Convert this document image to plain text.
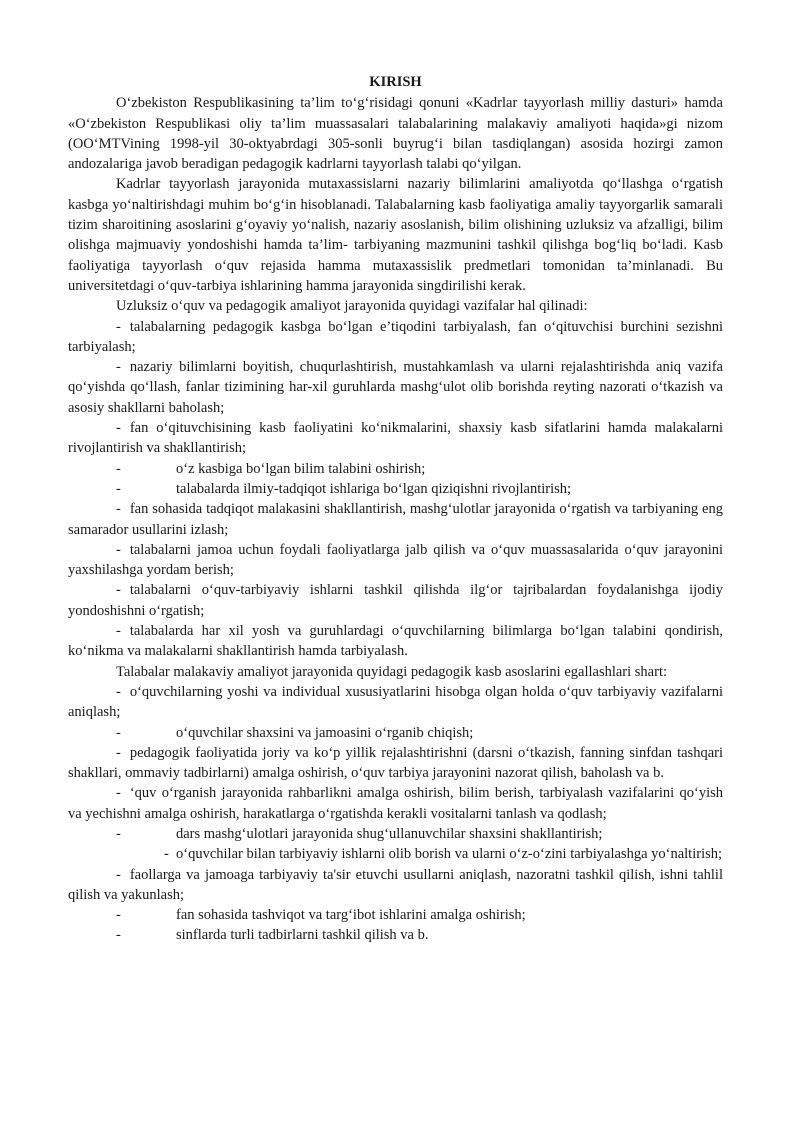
KIRISH

O‘zbekiston Respublikasining ta’lim to‘g‘risidagi qonuni «Kadrlar tayyorlash milliy dasturi» hamda «O‘zbekiston Respublikasi oliy ta’lim muassasalari talabalarining malakaviy amaliyoti haqida»gi nizom (OO‘MTVining 1998-yil 30-oktyabrdagi 305-sonli buyrug‘i bilan tasdiqlangan) asosida hozirgi zamon andozalariga javob beradigan pedagogik kadrlarni tayyorlash talabi qo‘yilgan.

Kadrlar tayyorlash jarayonida mutaxassislarni nazariy bilimlarini amaliyotda qo‘llashga o‘rgatish kasbga yo‘naltirishdagi muhim bo‘g‘in hisoblanadi. Talabalarning kasb faoliyatiga amaliy tayyorgarlik samarali tizim sharoitining asoslarini g‘oyaviy yo‘nalish, nazariy asoslanish, bilim olishining uzluksiz va afzalligi, bilim olishga majmuaviy yondoshishi hamda ta’lim- tarbiyaning mazmunini tashkil qilishga bog‘liq bo‘ladi. Kasb faoliyatiga tayyorlash o‘quv rejasida hamma mutaxassislik predmetlari tomonidan ta’minlanadi. Bu universitetdagi o‘quv-tarbiya ishlarining hamma jarayonida singdirilishi kerak.

Uzluksiz o‘quv va pedagogik amaliyot jarayonida quyidagi vazifalar hal qilinadi:

- talabalarning pedagogik kasbga bo‘lgan e’tiqodini tarbiyalash, fan o‘qituvchisi burchini sezishni tarbiyalash;

- nazariy bilimlarni boyitish, chuqurlashtirish, mustahkamlash va ularni rejalashtirishda aniq vazifa qo‘yishda qo‘llash, fanlar tizimining har-xil guruhlarda mashg‘ulot olib borishda reyting nazorati o‘tkazish va asosiy shakllarni baholash;

- fan o‘qituvchisining kasb faoliyatini ko‘nikmalarini, shaxsiy kasb sifatlarini hamda malakalarni rivojlantirish va shakllantirish;

-	o‘z kasbiga bo‘lgan bilim talabini oshirish;

-	talabalarda ilmiy-tadqiqot ishlariga bo‘lgan qiziqishni rivojlantirish;

- fan sohasida tadqiqot malakasini shakllantirish, mashg‘ulotlar jarayonida o‘rgatish va tarbiyaning eng samarador usullarini izlash;

- talabalarni jamoa uchun foydali faoliyatlarga jalb qilish va o‘quv muassasalarida o‘quv jarayonini yaxshilashga yordam berish;

- talabalarni o‘quv-tarbiyaviy ishlarni tashkil qilishda ilg‘or tajribalardan foydalanishga ijodiy yondoshishni o‘rgatish;

- talabalarda har xil yosh va guruhlardagi o‘quvchilarning bilimlarga bo‘lgan talabini qondirish, ko‘nikma va malakalarni shakllantirish hamda tarbiyalash.

Talabalar malakaviy amaliyot jarayonida quyidagi pedagogik kasb asoslarini egallashlari shart:

- o‘quvchilarning yoshi va individual xususiyatlarini hisobga olgan holda o‘quv tarbiyaviy vazifalarni aniqlash;

-	o‘quvchilar shaxsini va jamoasini o‘rganib chiqish;

- pedagogik faoliyatida joriy va ko‘p yillik rejalashtirishni (darsni o‘tkazish, fanning sinfdan tashqari shakllari, ommaviy tadbirlarni) amalga oshirish, o‘quv tarbiya jarayonini nazorat qilish, baholash va b.

- ‘quv o‘rganish jarayonida rahbarlikni amalga oshirish, bilim berish, tarbiyalash vazifalarini qo‘yish va yechishni amalga oshirish, harakatlarga o‘rgatishda kerakli vositalarni tanlash va qodlash;

-	dars mashg‘ulotlari jarayonida shug‘ullanuvchilar shaxsini shakllantirish;

- o‘quvchilar bilan tarbiyaviy ishlarni olib borish va ularni o‘z-o‘zini tarbiyalashga yo‘naltirish;

- faollarga va jamoaga tarbiyaviy ta'sir etuvchi usullarni aniqlash, nazoratni tashkil qilish, ishni tahlil qilish va yakunlash;

-	fan sohasida tashviqot va targ‘ibot ishlarini amalga oshirish;

-	sinflarda turli tadbirlarni tashkil qilish va b.
